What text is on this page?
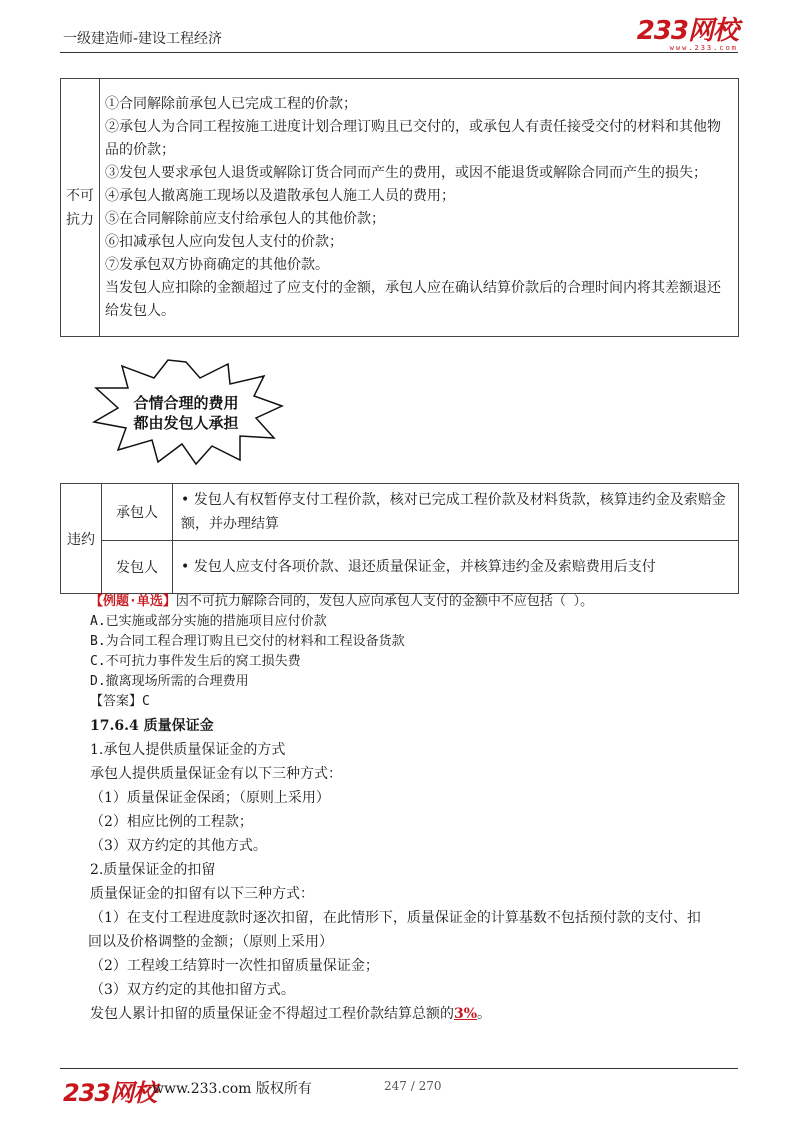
一级建造师-建设工程经济	233网校
www.233.com
不可
抗力	

①合同解除前承包人已完成工程的价款；

②承包人为合同工程按施工进度计划合理订购且已交付的，或承包人有责任接受交付的材料和其他物品的价款；

③发包人要求承包人退货或解除订货合同而产生的费用，或因不能退货或解除合同而产生的损失；

④承包人撤离施工现场以及遣散承包人施工人员的费用；

⑤在合同解除前应支付给承包人的其他价款；

⑥扣减承包人应向发包人支付的价款；

⑦发承包双方协商确定的其他价款。

当发包人应扣除的金额超过了应支付的金额，承包人应在确认结算价款后的合理时间内将其差额退还给发包人。

合情合理的费用
都由发包人承担
违约	承包人	• 发包人有权暂停支付工程价款，核对已完成工程价款及材料货款，核算违约金及索赔金额，并办理结算
	发包人	• 发包人应支付各项价款、退还质量保证金，并核算违约金及索赔费用后支付
【例题·单选】因不可抗力解除合同的，发包人应向承包人支付的金额中不应包括（ ）。
A.已实施或部分实施的措施项目应付价款
B.为合同工程合理订购且已交付的材料和工程设备货款
C.不可抗力事件发生后的窝工损失费
D.撤离现场所需的合理费用
【答案】C
17.6.4 质量保证金
1.承包人提供质量保证金的方式
承包人提供质量保证金有以下三种方式：
（1）质量保证金保函；（原则上采用）
（2）相应比例的工程款；
（3）双方约定的其他方式。
2.质量保证金的扣留
质量保证金的扣留有以下三种方式：
（1）在支付工程进度款时逐次扣留，在此情形下，质量保证金的计算基数不包括预付款的支付、扣
回以及价格调整的金额；（原则上采用）
（2）工程竣工结算时一次性扣留质量保证金；
（3）双方约定的其他扣留方式。
发包人累计扣留的质量保证金不得超过工程价款结算总额的3%。
233网校
www.233.com 版权所有	247 / 270
